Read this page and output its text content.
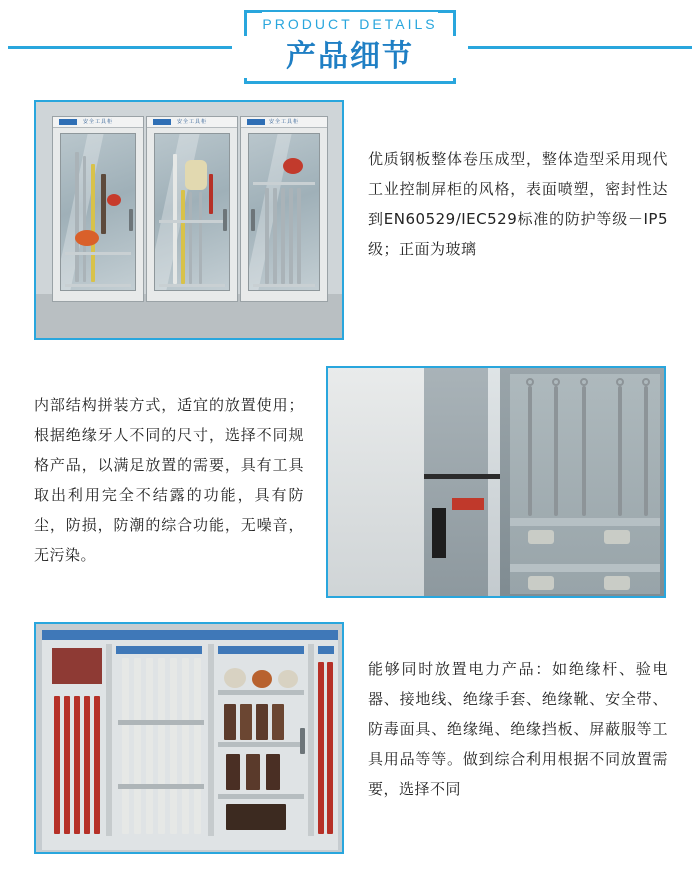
PRODUCT DETAILS
产品细节
安全工具柜	安全工具柜	安全工具柜
优质钢板整体卷压成型，整体造型采用现代工业控制屏柜的风格，表面喷塑，密封性达到EN60529/IEC529标准的防护等级－IP5级；正面为玻璃
内部结构拼装方式，适宜的放置使用；根据绝缘牙人不同的尺寸，选择不同规格产品，以满足放置的需要，具有工具取出利用完全不结露的功能，具有防尘，防损，防潮的综合功能，无噪音，无污染。
能够同时放置电力产品：如绝缘杆、验电器、接地线、绝缘手套、绝缘靴、安全带、防毒面具、绝缘绳、绝缘挡板、屏蔽服等工具用品等等。做到综合利用根据不同放置需要，选择不同
